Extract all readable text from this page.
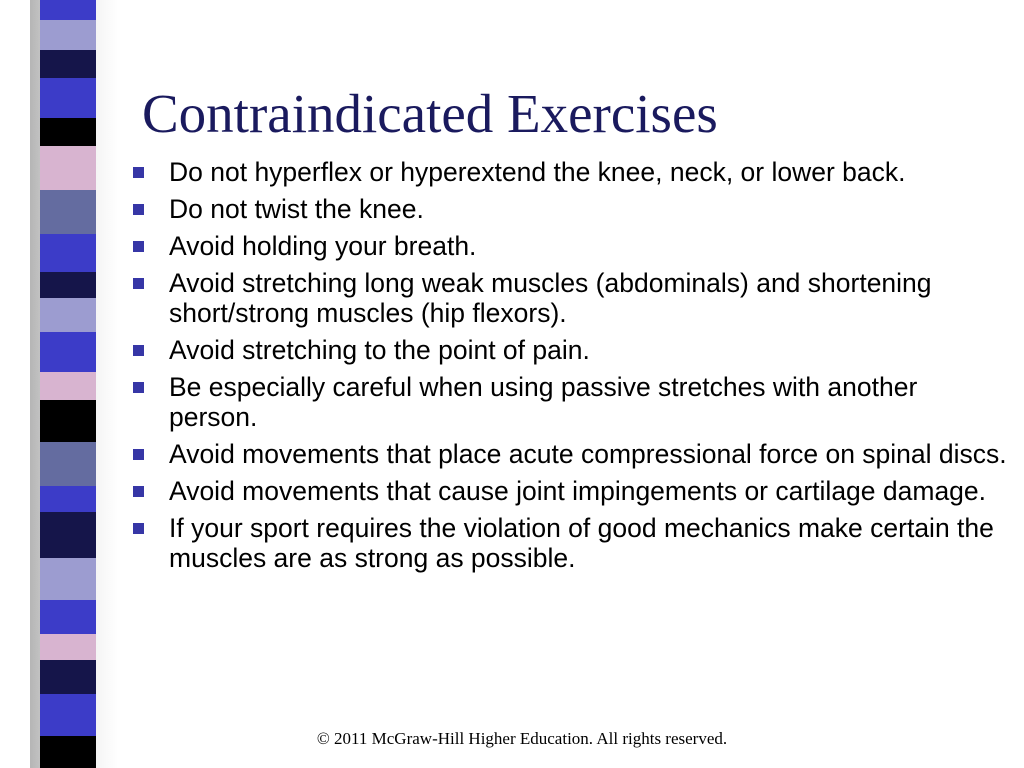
Contraindicated Exercises
Do not hyperflex or hyperextend the knee, neck, or lower back.
Do not twist the knee.
Avoid holding your breath.
Avoid stretching long weak muscles (abdominals) and shortening short/strong muscles (hip flexors).
Avoid stretching to the point of pain.
Be especially careful when using passive stretches with another person.
Avoid movements that place acute compressional force on spinal discs.
Avoid movements that cause joint impingements or cartilage damage.
If your sport requires the violation of good mechanics make certain the muscles are as strong as possible.
© 2011 McGraw-Hill Higher Education. All rights reserved.
